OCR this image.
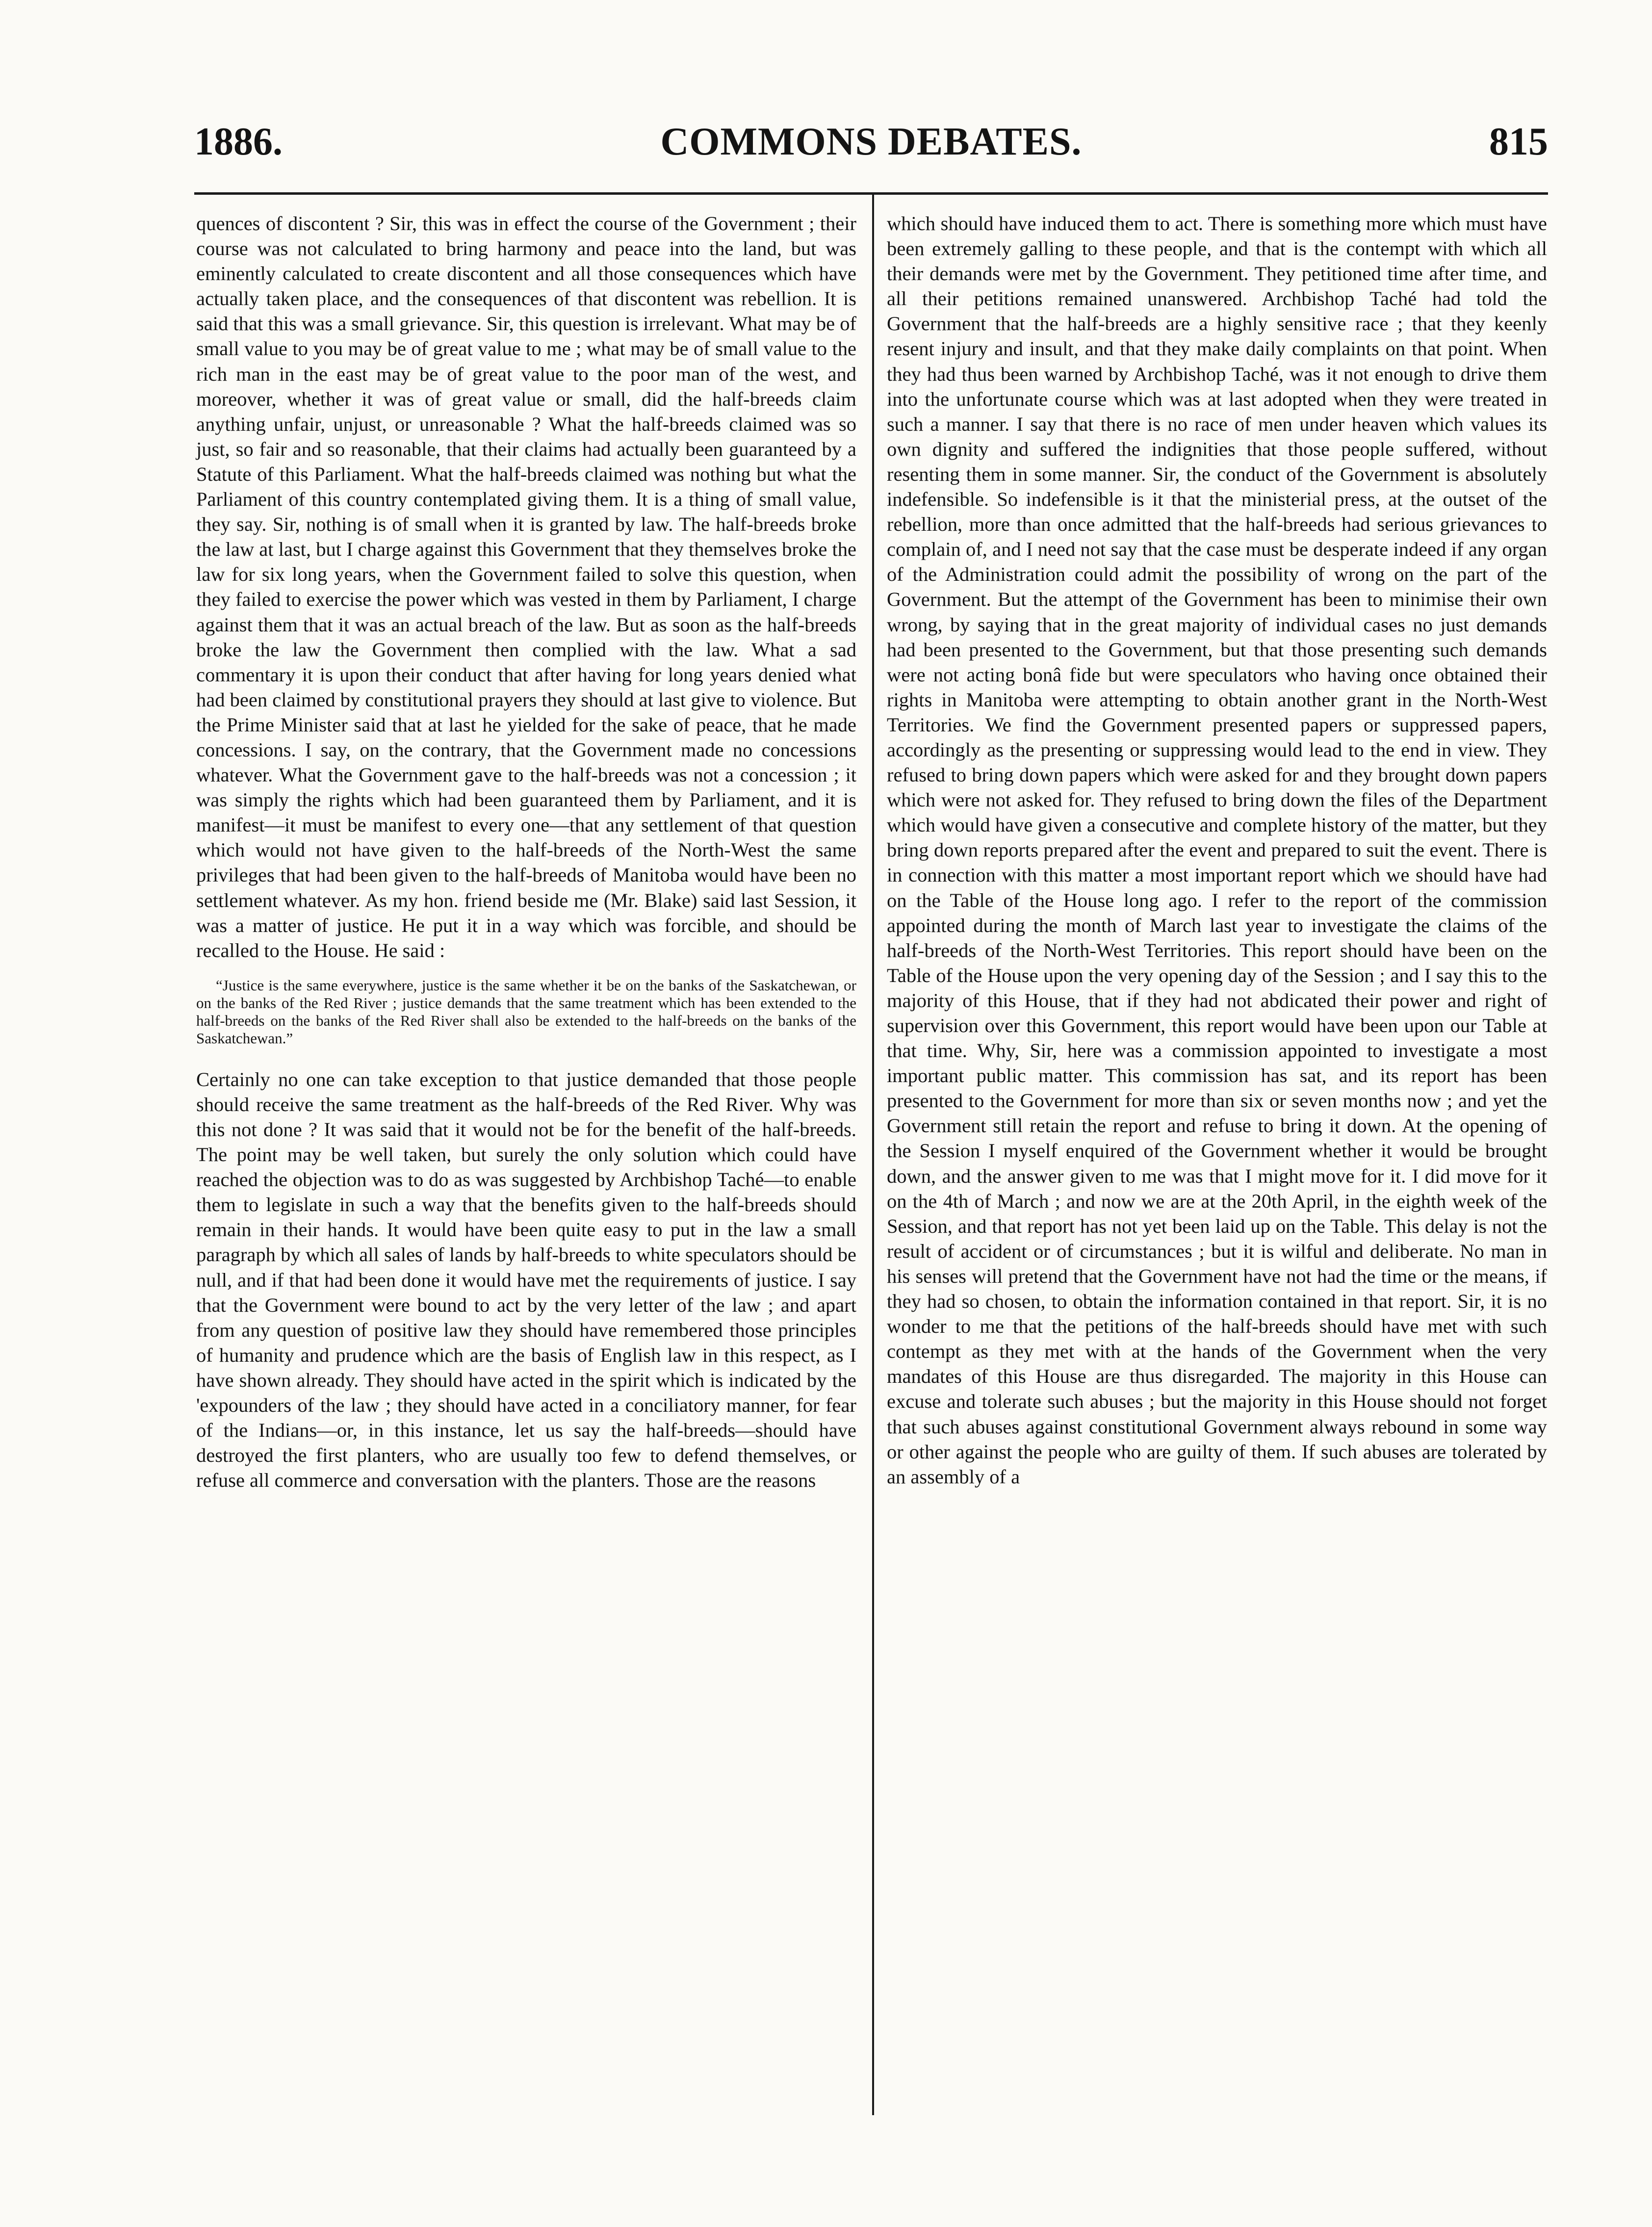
1886.	COMMONS DEBATES.	815

quences of discontent ? Sir, this was in effect the course of the Government ; their course was not calculated to bring harmony and peace into the land, but was eminently calculated to create discontent and all those consequences which have actually taken place, and the consequences of that discontent was rebellion. It is said that this was a small grievance. Sir, this question is irrelevant. What may be of small value to you may be of great value to me ; what may be of small value to the rich man in the east may be of great value to the poor man of the west, and moreover, whether it was of great value or small, did the half-breeds claim anything unfair, unjust, or unreasonable ? What the half-breeds claimed was so just, so fair and so reasonable, that their claims had actually been guaranteed by a Statute of this Parliament. What the half-breeds claimed was nothing but what the Parliament of this country contemplated giving them. It is a thing of small value, they say. Sir, nothing is of small when it is granted by law. The half-breeds broke the law at last, but I charge against this Government that they themselves broke the law for six long years, when the Government failed to solve this question, when they failed to exercise the power which was vested in them by Parliament, I charge against them that it was an actual breach of the law. But as soon as the half-breeds broke the law the Government then complied with the law. What a sad commentary it is upon their conduct that after having for long years denied what had been claimed by constitutional prayers they should at last give to violence. But the Prime Minister said that at last he yielded for the sake of peace, that he made concessions. I say, on the contrary, that the Government made no concessions whatever. What the Government gave to the half-breeds was not a concession ; it was simply the rights which had been guaranteed them by Parliament, and it is manifest—it must be manifest to every one—that any settlement of that question which would not have given to the half-breeds of the North-West the same privileges that had been given to the half-breeds of Manitoba would have been no settlement whatever. As my hon. friend beside me (Mr. Blake) said last Session, it was a matter of justice. He put it in a way which was forcible, and should be recalled to the House. He said :

“Justice is the same everywhere, justice is the same whether it be on the banks of the Saskatchewan, or on the banks of the Red River ; justice demands that the same treatment which has been extended to the half-breeds on the banks of the Red River shall also be extended to the half-breeds on the banks of the Saskatchewan.”

Certainly no one can take exception to that justice demanded that those people should receive the same treatment as the half-breeds of the Red River. Why was this not done ? It was said that it would not be for the benefit of the half-breeds. The point may be well taken, but surely the only solution which could have reached the objection was to do as was suggested by Archbishop Taché—to enable them to legislate in such a way that the benefits given to the half-breeds should remain in their hands. It would have been quite easy to put in the law a small paragraph by which all sales of lands by half-breeds to white speculators should be null, and if that had been done it would have met the requirements of justice. I say that the Government were bound to act by the very letter of the law ; and apart from any question of positive law they should have remembered those principles of humanity and prudence which are the basis of English law in this respect, as I have shown already. They should have acted in the spirit which is indicated by the 'expounders of the law ; they should have acted in a conciliatory manner, for fear of the Indians—or, in this instance, let us say the half-breeds—should have destroyed the first planters, who are usually too few to defend themselves, or refuse all commerce and conversation with the planters. Those are the reasons

which should have induced them to act. There is something more which must have been extremely galling to these people, and that is the contempt with which all their demands were met by the Government. They petitioned time after time, and all their petitions remained unanswered. Archbishop Taché had told the Government that the half-breeds are a highly sensitive race ; that they keenly resent injury and insult, and that they make daily complaints on that point. When they had thus been warned by Archbishop Taché, was it not enough to drive them into the unfortunate course which was at last adopted when they were treated in such a manner. I say that there is no race of men under heaven which values its own dignity and suffered the indignities that those people suffered, without resenting them in some manner. Sir, the conduct of the Government is absolutely indefensible. So indefensible is it that the ministerial press, at the outset of the rebellion, more than once admitted that the half-breeds had serious grievances to complain of, and I need not say that the case must be desperate indeed if any organ of the Administration could admit the possibility of wrong on the part of the Government. But the attempt of the Government has been to minimise their own wrong, by saying that in the great majority of individual cases no just demands had been presented to the Government, but that those presenting such demands were not acting bonâ fide but were speculators who having once obtained their rights in Manitoba were attempting to obtain another grant in the North-West Territories. We find the Government presented papers or suppressed papers, accordingly as the presenting or suppressing would lead to the end in view. They refused to bring down papers which were asked for and they brought down papers which were not asked for. They refused to bring down the files of the Department which would have given a consecutive and complete history of the matter, but they bring down reports prepared after the event and prepared to suit the event. There is in connection with this matter a most important report which we should have had on the Table of the House long ago. I refer to the report of the commission appointed during the month of March last year to investigate the claims of the half-breeds of the North-West Territories. This report should have been on the Table of the House upon the very opening day of the Session ; and I say this to the majority of this House, that if they had not abdicated their power and right of supervision over this Government, this report would have been upon our Table at that time. Why, Sir, here was a commission appointed to investigate a most important public matter. This commission has sat, and its report has been presented to the Government for more than six or seven months now ; and yet the Government still retain the report and refuse to bring it down. At the opening of the Session I myself enquired of the Government whether it would be brought down, and the answer given to me was that I might move for it. I did move for it on the 4th of March ; and now we are at the 20th April, in the eighth week of the Session, and that report has not yet been laid up on the Table. This delay is not the result of accident or of circumstances ; but it is wilful and deliberate. No man in his senses will pretend that the Government have not had the time or the means, if they had so chosen, to obtain the information contained in that report. Sir, it is no wonder to me that the petitions of the half-breeds should have met with such contempt as they met with at the hands of the Government when the very mandates of this House are thus disregarded. The majority in this House can excuse and tolerate such abuses ; but the majority in this House should not forget that such abuses against constitutional Government always rebound in some way or other against the people who are guilty of them. If such abuses are tolerated by an assembly of a
